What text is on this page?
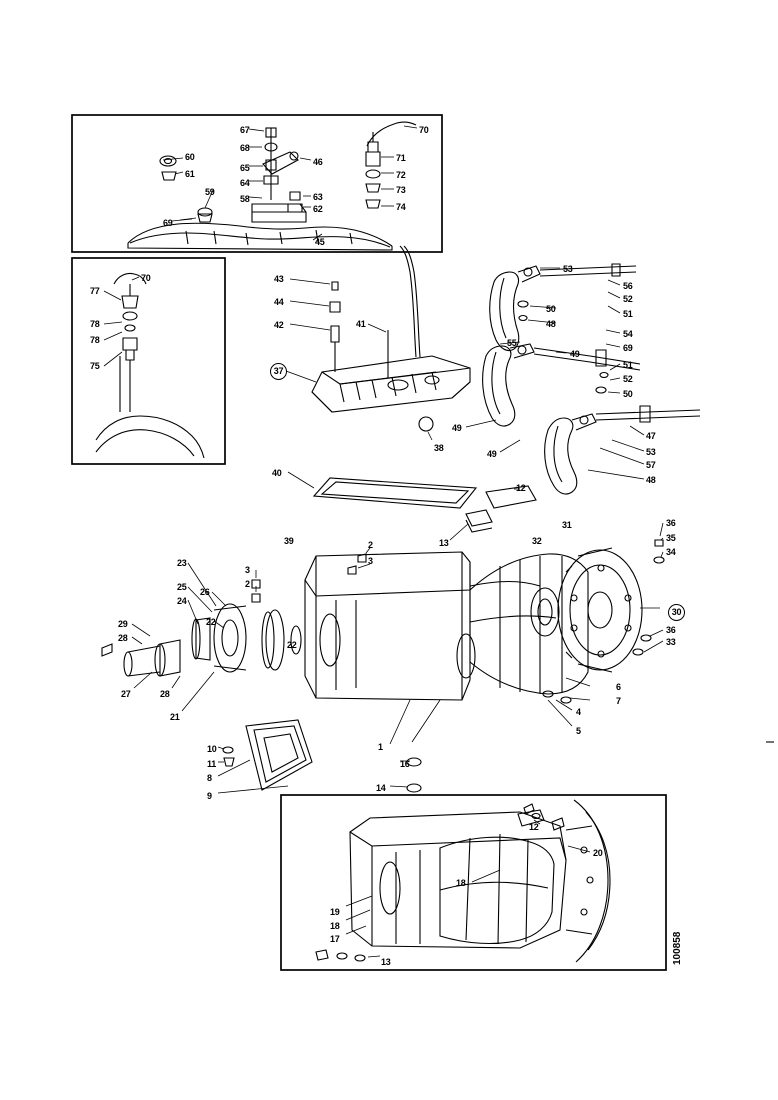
67
68
65
64
58
60
61
59
69
46
63
62
45
70
71
72
73
74
70
77
78
78
75
43
44
42	41
37
38
40
39
53
56
52
50	51
48
54
55	69
49
51
52
50
47
49
53
57
49
48
12
13
31
32
36
35
34
30
36
33
23
25
24
26
22
29
28
27	28
21
3
2
2
3
22
10
11
8
9
1
16
14
6
7
4
5
12
20
18
19
18
17
13	100858
